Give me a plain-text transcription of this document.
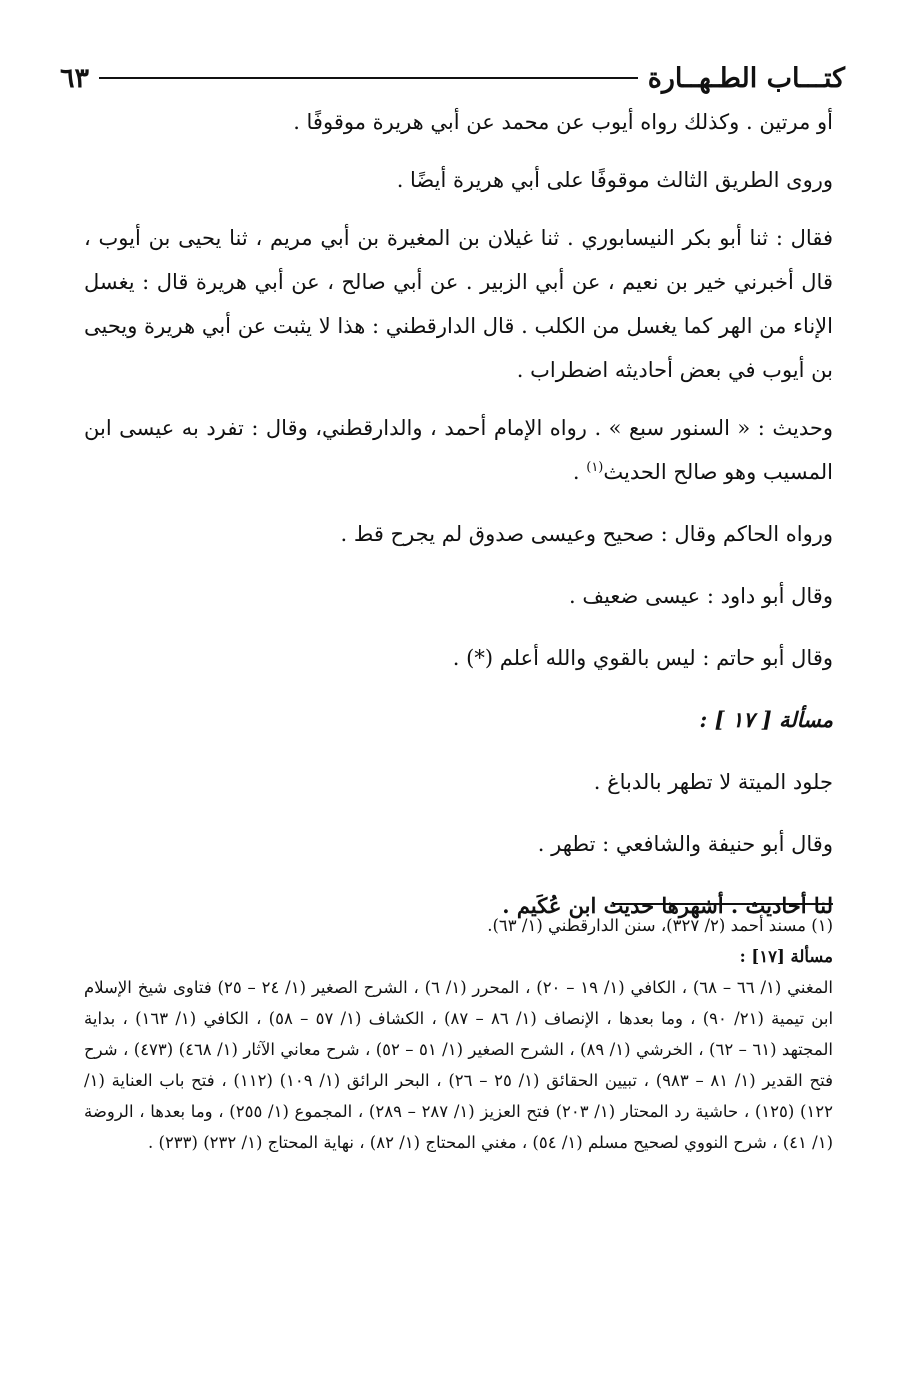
كتـــاب الطـهــارة
٦٣

أو مرتين . وكذلك رواه أيوب عن محمد عن أبي هريرة موقوفًا .

وروى الطريق الثالث موقوفًا على أبي هريرة أيضًا .

فقال : ثنا أبو بكر النيسابوري . ثنا غيلان بن المغيرة بن أبي مريم ، ثنا يحيى بن أيوب ، قال أخبرني خير بن نعيم ، عن أبي الزبير . عن أبي صالح ، عن أبي هريرة قال : يغسل الإناء من الهر كما يغسل من الكلب . قال الدارقطني : هذا لا يثبت عن أبي هريرة ويحيى بن أيوب في بعض أحاديثه اضطراب .

وحديث : « السنور سبع » . رواه الإمام أحمد ، والدارقطني، وقال : تفرد به عيسى ابن المسيب وهو صالح الحديث$^{(١)}$ .

ورواه الحاكم وقال : صحيح وعيسى صدوق لم يجرح قط .

وقال أبو داود : عيسى ضعيف .

وقال أبو حاتم : ليس بالقوي والله أعلم (*) .

مسألة [ ١٧ ] :

جلود الميتة لا تطهر بالدباغ .

وقال أبو حنيفة والشافعي : تطهر .

لنا أحاديث . أشهرها حديث ابن عُكَيم .

(١) مسند أحمد (٢/ ٣٢٧)، سنن الدارقطني (١/ ٦٣).

مسألة [١٧] :

المغني (١/ ٦٦ – ٦٨) ، الكافي (١/ ١٩ – ٢٠) ، المحرر (١/ ٦) ، الشرح الصغير (١/ ٢٤ – ٢٥) فتاوى شيخ الإسلام ابن تيمية (٢١/ ٩٠) ، وما بعدها ، الإنصاف (١/ ٨٦ – ٨٧) ، الكشاف (١/ ٥٧ – ٥٨) ، الكافي (١/ ١٦٣) ، بداية المجتهد (٦١ – ٦٢) ، الخرشي (١/ ٨٩) ، الشرح الصغير (١/ ٥١ – ٥٢) ، شرح معاني الآثار (١/ ٤٦٨) (٤٧٣) ، شرح فتح القدير (١/ ٨١ – ٩٨٣) ، تبيين الحقائق (١/ ٢٥ – ٢٦) ، البحر الرائق (١/ ١٠٩) (١١٢) ، فتح باب العناية (١/ ١٢٢) (١٢٥) ، حاشية رد المحتار (١/ ٢٠٣) فتح العزيز (١/ ٢٨٧ – ٢٨٩) ، المجموع (١/ ٢٥٥) ، وما بعدها ، الروضة (١/ ٤١) ، شرح النووي لصحيح مسلم (١/ ٥٤) ، مغني المحتاج (١/ ٨٢) ، نهاية المحتاج (١/ ٢٣٢) (٢٣٣) .
